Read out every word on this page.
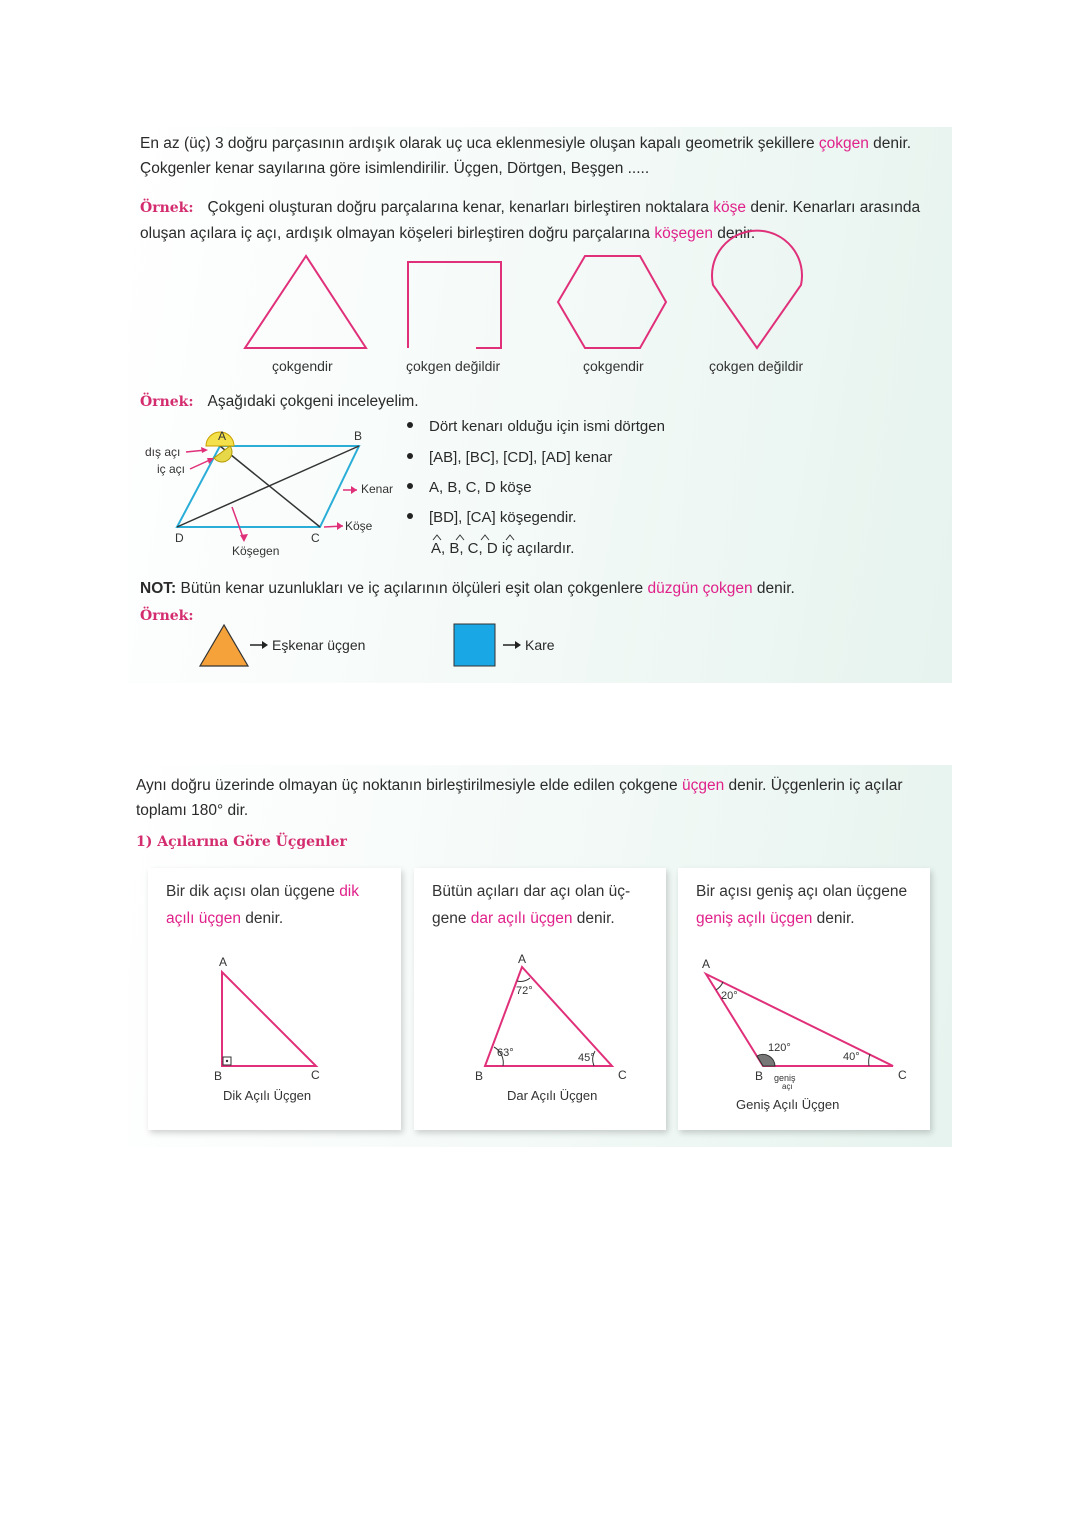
En az (üç) 3 doğru parçasının ardışık olarak uç uca eklenmesiyle oluşan kapalı geometrik şekillere çokgen denir.
Çokgenler kenar sayılarına göre isimlendirilir. Üçgen, Dörtgen, Beşgen .....
Örnek: Çokgeni oluşturan doğru parçalarına kenar, kenarları birleştiren noktalara köşe denir. Kenarları arasında
oluşan açılara iç açı, ardışık olmayan köşeleri birleştiren doğru parçalarına köşegen denir.
çokgendir	çokgen değildir	çokgendir	çokgen değildir
Örnek: Aşağıdaki çokgeni inceleyelim.
A	B
C
D
dış açı
iç açı
Kenar
Köşe
Köşegen
Dört kenarı olduğu için ismi dörtgen
[AB], [BC], [CD], [AD] kenar
A, B, C, D köşe
[BD], [CA] köşegendir.
A, B, C, D iç açılardır.
NOT: Bütün kenar uzunlukları ve iç açılarının ölçüleri eşit olan çokgenlere düzgün çokgen denir.
Örnek:
Eşkenar üçgen	Kare
Aynı doğru üzerinde olmayan üç noktanın birleştirilmesiyle elde edilen çokgene üçgen denir. Üçgenlerin iç açılar
toplamı 180° dir.
1) Açılarına Göre Üçgenler
Bir dik açısı olan üçgene dik açılı üçgen denir.
Bütün açıları dar açı olan üç-gene dar açılı üçgen denir.
Bir açısı geniş açı olan üçgene geniş açılı üçgen denir.
A
B	C
Dik Açılı Üçgen
A
B	C
72°
63°	45°
Dar Açılı Üçgen
A
B	C
20°
120°
40°
geniş
açı
Geniş Açılı Üçgen
